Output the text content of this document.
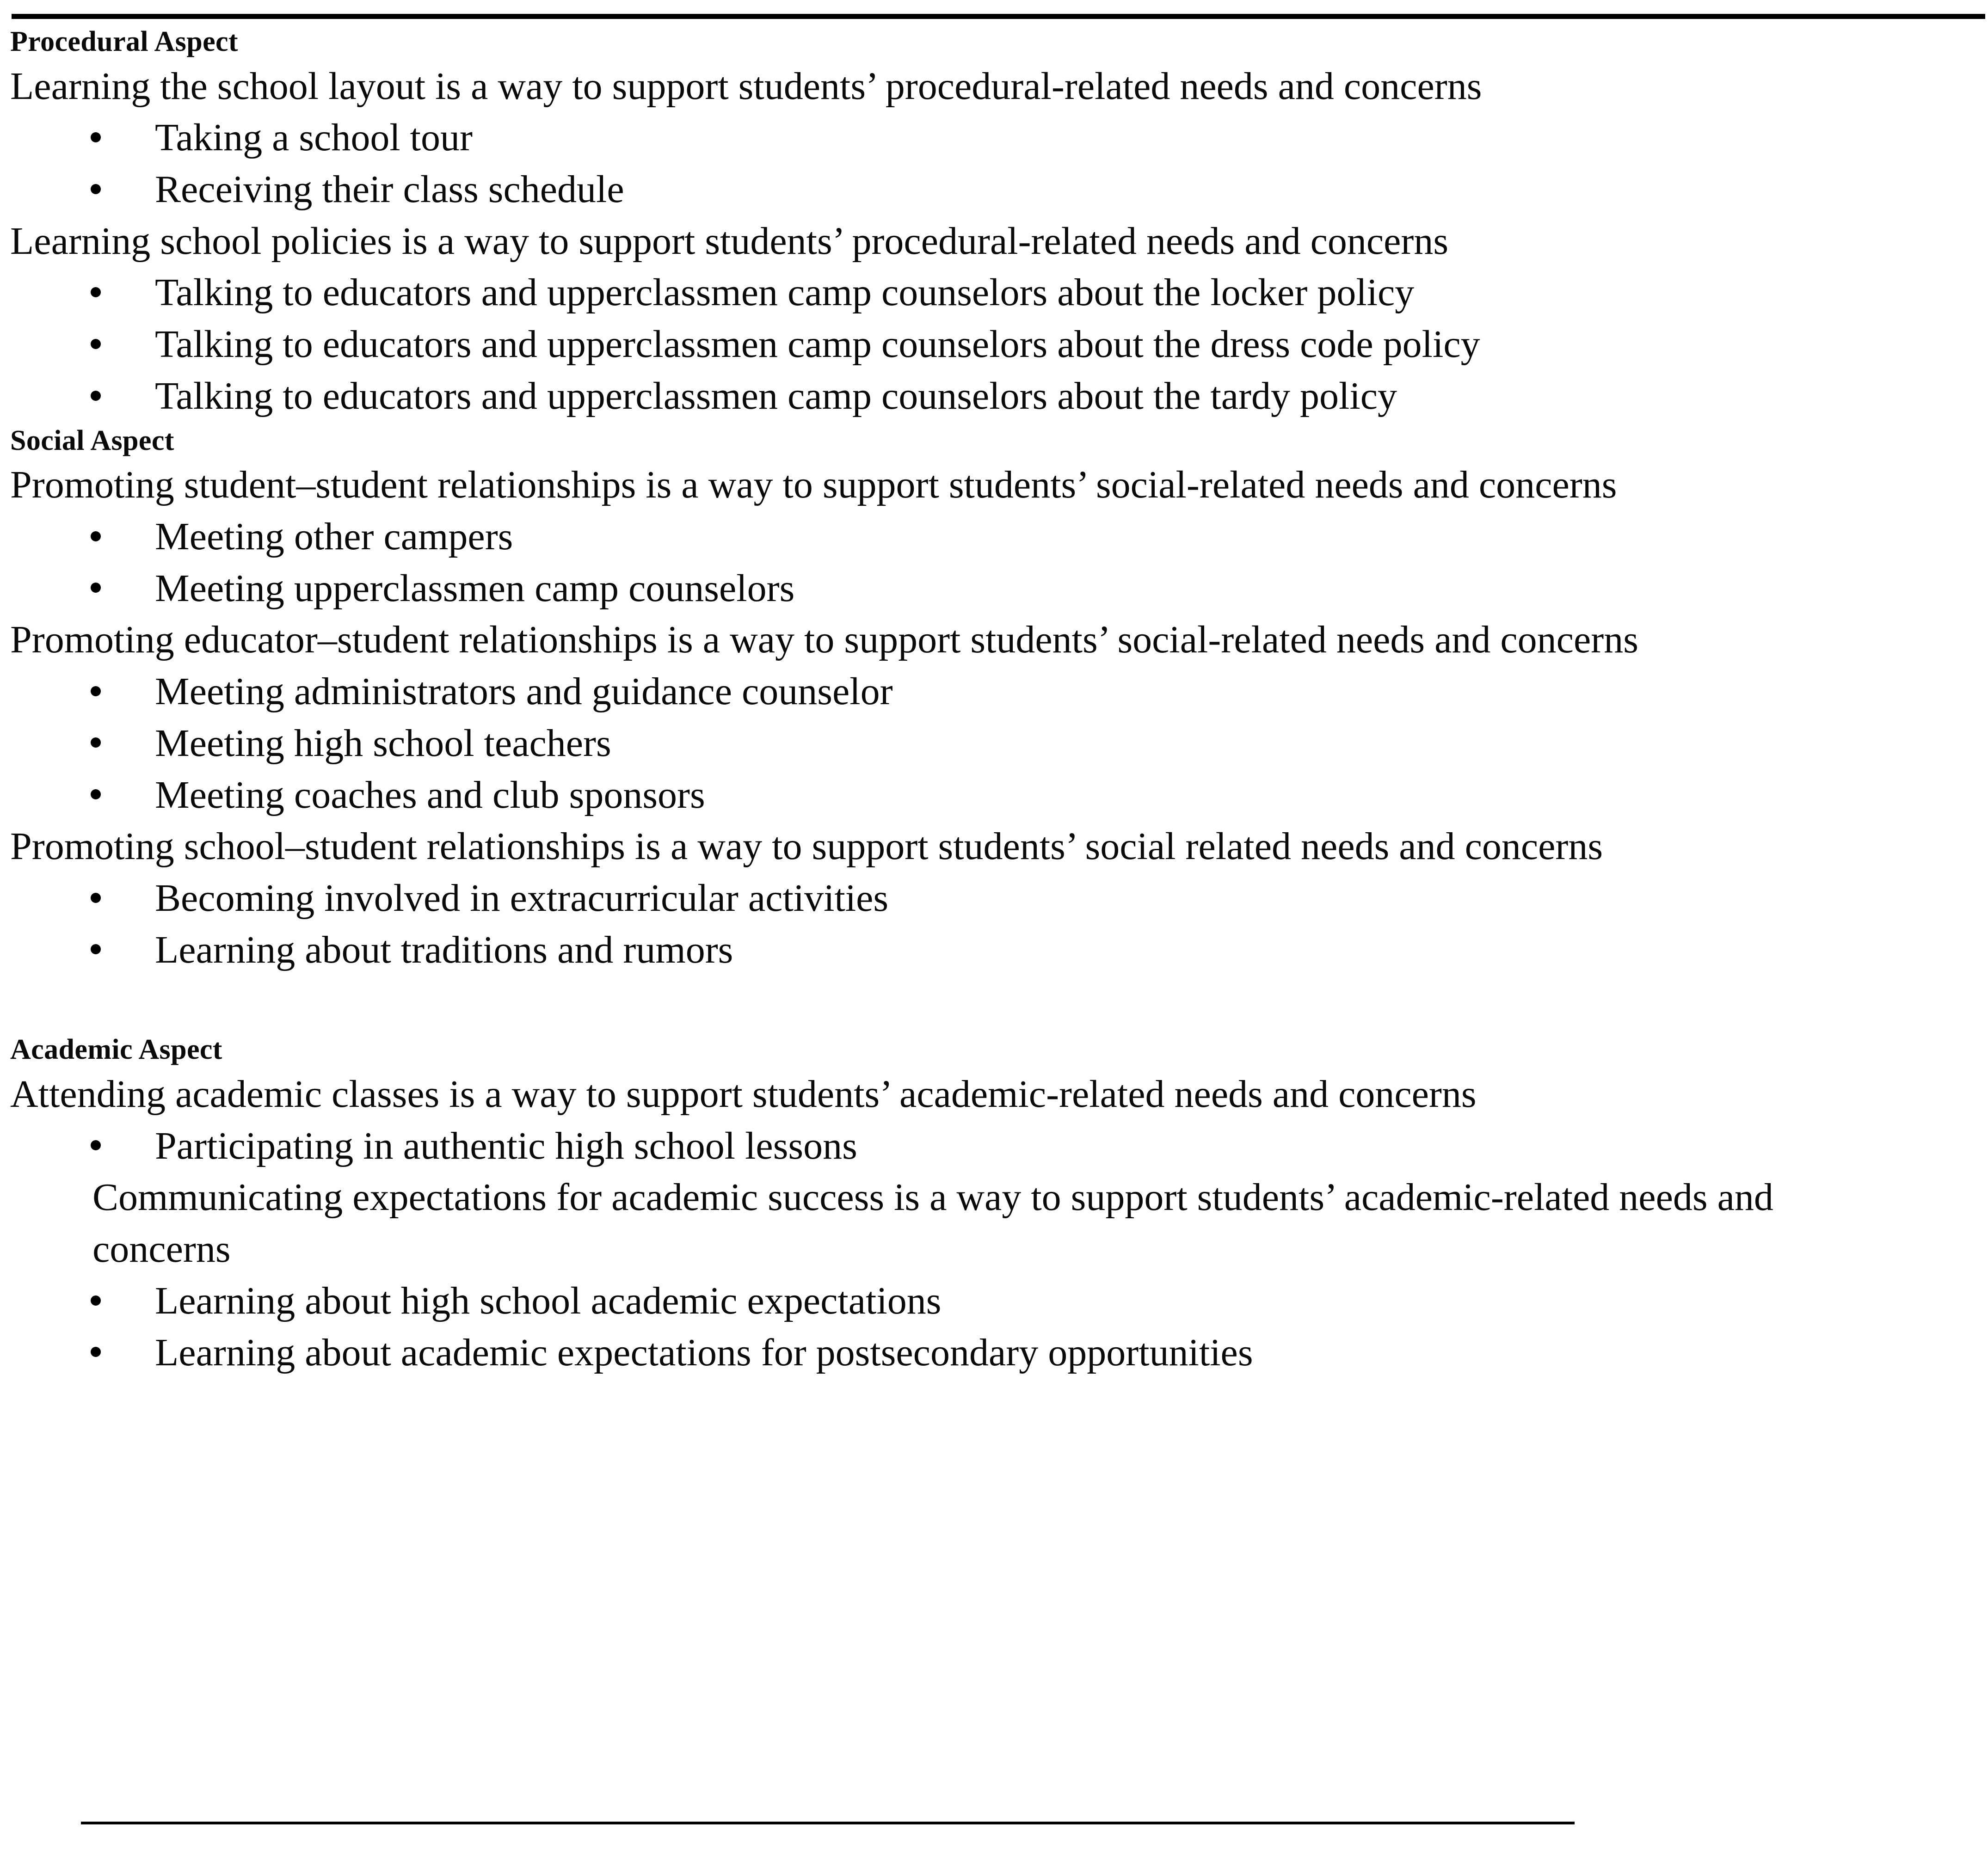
Procedural Aspect
Learning the school layout is a way to support students’ procedural-related needs and concerns
Taking a school tour
Receiving their class schedule
Learning school policies is a way to support students’ procedural-related needs and concerns
Talking to educators and upperclassmen camp counselors about the locker policy
Talking to educators and upperclassmen camp counselors about the dress code policy
Talking to educators and upperclassmen camp counselors about the tardy policy
Social Aspect
Promoting student–student relationships is a way to support students’ social-related needs and concerns
Meeting other campers
Meeting upperclassmen camp counselors
Promoting educator–student relationships is a way to support students’ social-related needs and concerns
Meeting administrators and guidance counselor
Meeting high school teachers
Meeting coaches and club sponsors
Promoting school–student relationships is a way to support students’ social related needs and concerns
Becoming involved in extracurricular activities
Learning about traditions and rumors
Academic Aspect
Attending academic classes is a way to support students’ academic-related needs and concerns
Participating in authentic high school lessons
Communicating expectations for academic success is a way to support students’ academic-related needs and concerns
Learning about high school academic expectations
Learning about academic expectations for postsecondary opportunities
